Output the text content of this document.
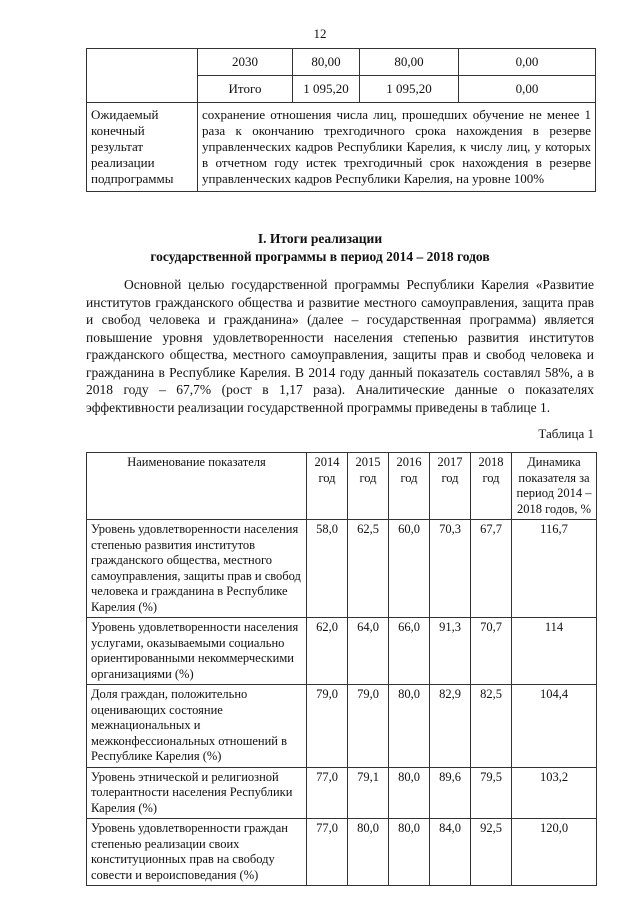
12
	2030	80,00	80,00	0,00
	Итого	1 095,20	1 095,20	0,00
Ожидаемый конечный результат реализации подпрограммы	сохранение отношения числа лиц, прошедших обучение не менее 1 раза к окончанию трехгодичного срока нахождения в резерве управленческих кадров Республики Карелия, к числу лиц, у которых в отчетном году истек трехгодичный срок нахождения в резерве управленческих кадров Республики Карелия, на уровне 100%			
I. Итоги реализации
государственной программы в период 2014 – 2018 годов

Основной целью государственной программы Республики Карелия «Развитие институтов гражданского общества и развитие местного самоуправления, защита прав и свобод человека и гражданина» (далее – государственная программа) является повышение уровня удовлетворенности населения степенью развития институтов гражданского общества, местного самоуправления, защиты прав и свобод человека и гражданина в Республике Карелия. В 2014 году данный показатель составлял 58%, а в 2018 году – 67,7% (рост в 1,17 раза). Аналитические данные о показателях эффективности реализации государственной программы приведены в таблице 1.

Таблица 1
Наименование показателя	2014 год	2015 год	2016 год	2017 год	2018 год	Динамика показателя за период 2014 – 2018 годов, %
Уровень удовлетворенности населения степенью развития институтов гражданского общества, местного самоуправления, защиты прав и свобод человека и гражданина в Республике Карелия (%)	58,0	62,5	60,0	70,3	67,7	116,7
Уровень удовлетворенности населения услугами, оказываемыми социально ориентированными некоммерческими организациями (%)	62,0	64,0	66,0	91,3	70,7	114
Доля граждан, положительно оценивающих состояние межнациональных и межконфессиональных отношений в Республике Карелия (%)	79,0	79,0	80,0	82,9	82,5	104,4
Уровень этнической и религиозной толерантности населения Республики Карелия (%)	77,0	79,1	80,0	89,6	79,5	103,2
Уровень удовлетворенности граждан степенью реализации своих конституционных прав на свободу совести и вероисповедания (%)	77,0	80,0	80,0	84,0	92,5	120,0
